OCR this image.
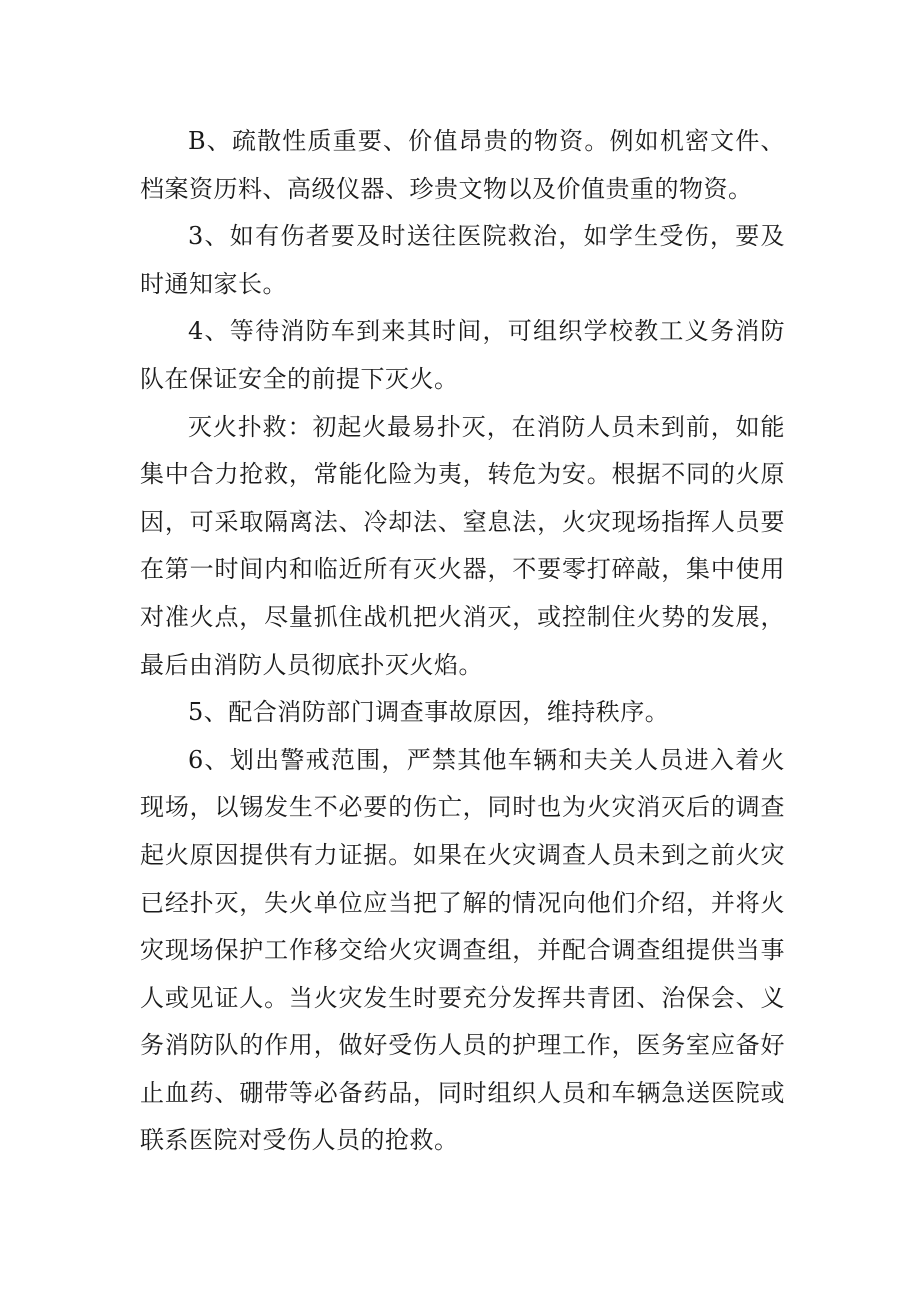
B、疏散性质重要、价值昂贵的物资。例如机密文件、档案资历料、高级仪器、珍贵文物以及价值贵重的物资。

3、如有伤者要及时送往医院救治，如学生受伤，要及时通知家长。

4、等待消防车到来其时间，可组织学校教工义务消防队在保证安全的前提下灭火。

灭火扑救：初起火最易扑灭，在消防人员未到前，如能集中合力抢救，常能化险为夷，转危为安。根据不同的火原因，可采取隔离法、冷却法、窒息法，火灾现场指挥人员要在第一时间内和临近所有灭火器，不要零打碎敲，集中使用对准火点，尽量抓住战机把火消灭，或控制住火势的发展，最后由消防人员彻底扑灭火焰。

5、配合消防部门调查事故原因，维持秩序。

6、划出警戒范围，严禁其他车辆和夫关人员进入着火现场，以锡发生不必要的伤亡，同时也为火灾消灭后的调查起火原因提供有力证据。如果在火灾调查人员未到之前火灾已经扑灭，失火单位应当把了解的情况向他们介绍，并将火灾现场保护工作移交给火灾调查组，并配合调查组提供当事人或见证人。当火灾发生时要充分发挥共青团、治保会、义务消防队的作用，做好受伤人员的护理工作，医务室应备好止血药、硼带等必备药品，同时组织人员和车辆急送医院或联系医院对受伤人员的抢救。
